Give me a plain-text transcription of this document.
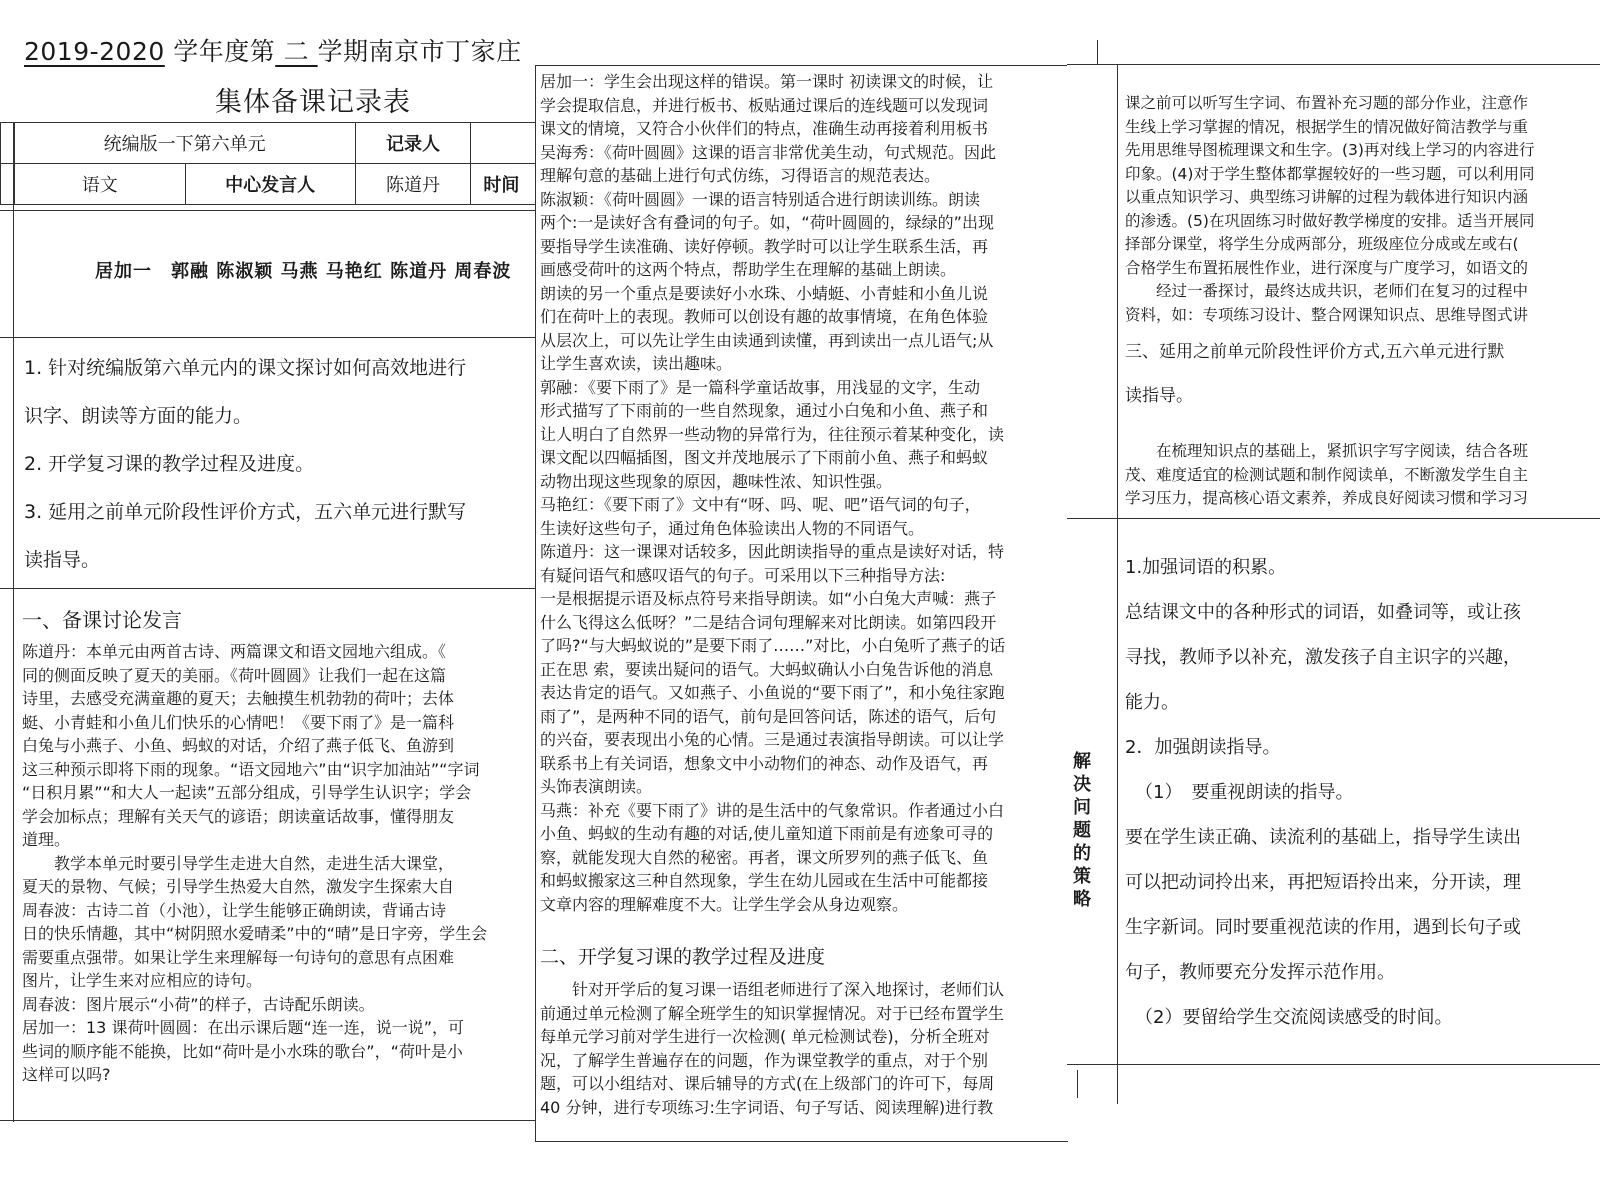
2019-2020 学年度第 二 学期南京市丁家庄
集体备课记录表
	统编版一下第六单元		记录人	
	语文	中心发言人	陈道丹	时间
居加一　郭融 陈淑颖 马燕 马艳红 陈道丹 周春波
1. 针对统编版第六单元内的课文探讨如何高效地进行
识字、朗读等方面的能力。
2. 开学复习课的教学过程及进度。
3. 延用之前单元阶段性评价方式，五六单元进行默写
读指导。
一、备课讨论发言
陈道丹：本单元由两首古诗、两篇课文和语文园地六组成。《
同的侧面反映了夏天的美丽。《荷叶圆圆》让我们一起在这篇
诗里，去感受充满童趣的夏天；去触摸生机勃勃的荷叶；去体
蜓、小青蛙和小鱼儿们快乐的心情吧！《要下雨了》是一篇科
白兔与小燕子、小鱼、蚂蚁的对话，介绍了燕子低飞、鱼游到
这三种预示即将下雨的现象。“语文园地六”由“识字加油站”“字词
“日积月累”“和大人一起读”五部分组成，引导学生认识字；学会
学会加标点；理解有关天气的谚语；朗读童话故事，懂得朋友
道理。
　　教学本单元时要引导学生走进大自然，走进生活大课堂，
夏天的景物、气候；引导学生热爱大自然，激发字生探索大自
周春波：古诗二首（小池），让学生能够正确朗读，背诵古诗
日的快乐情趣，其中“树阴照水爱晴柔”中的“晴”是日字旁，学生会
需要重点强带。如果让学生来理解每一句诗句的意思有点困难
图片，让学生来对应相应的诗句。
周春波：图片展示“小荷”的样子，古诗配乐朗读。
居加一：13 课荷叶圆圆：在出示课后题“连一连，说一说”，可
些词的顺序能不能换，比如“荷叶是小水珠的歌台”，“荷叶是小
这样可以吗?
居加一：学生会出现这样的错误。第一课时 初读课文的时候，让
学会提取信息，并进行板书、板贴通过课后的连线题可以发现词
课文的情境，又符合小伙伴们的特点，准确生动再接着利用板书
吴海秀：《荷叶圆圆》这课的语言非常优美生动，句式规范。因此
理解句意的基础上进行句式仿练，习得语言的规范表达。
陈淑颖：《荷叶圆圆》一课的语言特别适合进行朗读训练。朗读
两个:一是读好含有叠词的句子。如，“荷叶圆圆的，绿绿的”出现
要指导学生读准确、读好停顿。教学时可以让学生联系生活，再
画感受荷叶的这两个特点，帮助学生在理解的基础上朗读。
朗读的另一个重点是要读好小水珠、小蜻蜓、小青蛙和小鱼儿说
们在荷叶上的表现。教师可以创设有趣的故事情境，在角色体验
从层次上，可以先让学生由读通到读懂，再到读出一点儿语气;从
让学生喜欢读，读出趣味。
郭融：《要下雨了》是一篇科学童话故事，用浅显的文字，生动
形式描写了下雨前的一些自然现象，通过小白兔和小鱼、燕子和
让人明白了自然界一些动物的异常行为，往往预示着某种变化，读
课文配以四幅插图，图文并茂地展示了下雨前小鱼、燕子和蚂蚁
动物出现这些现象的原因，趣味性浓、知识性强。
马艳红：《要下雨了》文中有“呀、吗、呢、吧”语气词的句子，
生读好这些句子，通过角色体验读出人物的不同语气。
陈道丹：这一课课对话较多，因此朗读指导的重点是读好对话，特
有疑问语气和感叹语气的句子。可采用以下三种指导方法:
一是根据提示语及标点符号来指导朗读。如“小白兔大声喊：燕子
什么飞得这么低呀？”二是结合词句理解来对比朗读。如第四段开
了吗?“与大蚂蚁说的”是要下雨了……”对比，小白兔听了燕子的话
正在思 索，要读出疑问的语气。大蚂蚁确认小白兔告诉他的消息
表达肯定的语气。又如燕子、小鱼说的“要下雨了”，和小兔往家跑
雨了”，是两种不同的语气，前句是回答问话，陈述的语气，后句
的兴奋，要表现出小兔的心情。三是通过表演指导朗读。可以让学
联系书上有关词语，想象文中小动物们的神态、动作及语气，再
头饰表演朗读。
马燕：补充《要下雨了》讲的是生活中的气象常识。作者通过小白
小鱼、蚂蚁的生动有趣的对话,使儿童知道下雨前是有迹象可寻的
察，就能发现大自然的秘密。再者，课文所罗列的燕子低飞、鱼
和蚂蚁搬家这三种自然现象，学生在幼儿园或在生活中可能都接
文章内容的理解难度不大。让学生学会从身边观察。
二、开学复习课的教学过程及进度
　　针对开学后的复习课一语组老师进行了深入地探讨，老师们认
前通过单元检测了解全班学生的知识掌握情况。对于已经布置学生
每单元学习前对学生进行一次检测( 单元检测试卷)，分析全班对
况，了解学生普遍存在的问题，作为课堂教学的重点，对于个别
题，可以小组结对、课后辅导的方式(在上级部门的许可下，每周
40 分钟，进行专项练习:生字词语、句子写话、阅读理解)进行教
课之前可以听写生字词、布置补充习题的部分作业，注意作
生线上学习掌握的情况，根据学生的情况做好简洁教学与重
先用思维导图梳理课文和生字。(3)再对线上学习的内容进行
印象。(4)对于学生整体都掌握较好的一些习题，可以利用同
以重点知识学习、典型练习讲解的过程为载体进行知识内涵
的渗透。(5)在巩固练习时做好教学梯度的安排。适当开展同
择部分课堂，将学生分成两部分，班级座位分成或左或右(
合格学生布置拓展性作业，进行深度与广度学习，如语文的
　　经过一番探讨，最终达成共识，老师们在复习的过程中
资料，如：专项练习设计、整合网课知识点、思维导图式讲
三、延用之前单元阶段性评价方式,五六单元进行默
读指导。
　　在梳理知识点的基础上，紧抓识字写字阅读，结合各班
茂、难度适宜的检测试题和制作阅读单，不断激发学生自主
学习压力，提高核心语文素养，养成良好阅读习惯和学习习
解
决
问
题
的
策
略
1.加强词语的积累。
总结课文中的各种形式的词语，如叠词等，或让孩
寻找，教师予以补充，激发孩子自主识字的兴趣，
能力。
2．加强朗读指导。
（1）　要重视朗读的指导。
要在学生读正确、读流利的基础上，指导学生读出
可以把动词拎出来，再把短语拎出来，分开读，理
生字新词。同时要重视范读的作用，遇到长句子或
句子，教师要充分发挥示范作用。
（2）要留给学生交流阅读感受的时间。
